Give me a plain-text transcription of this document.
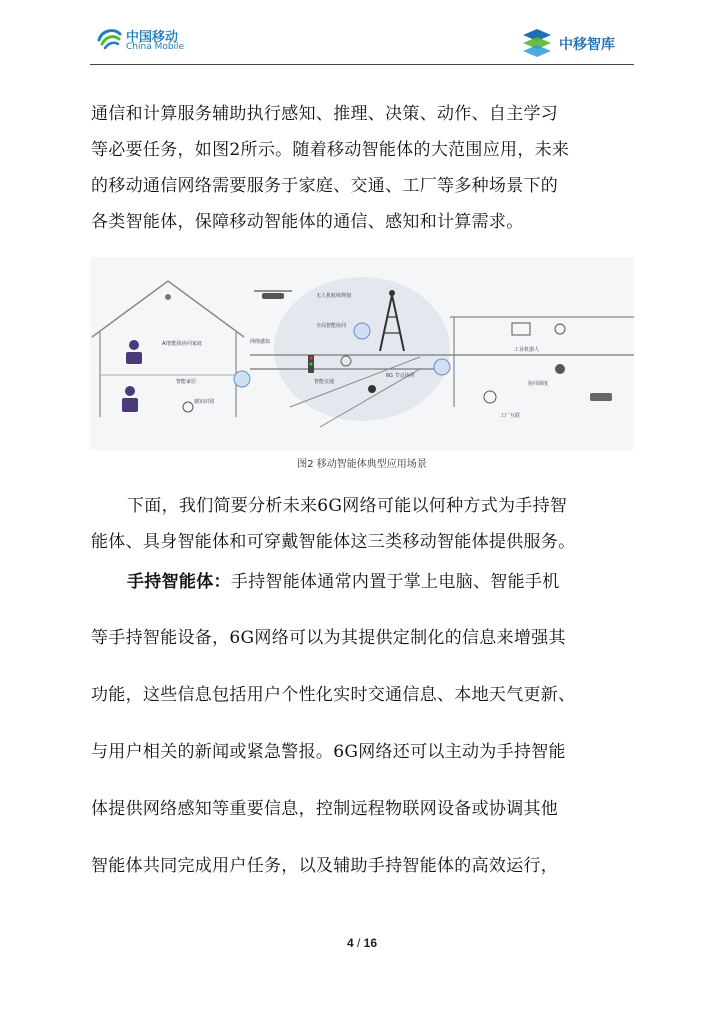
中国移动
China Mobile	中移智库
通信和计算服务辅助执行感知、推理、决策、动作、自主学习
等必要任务，如图2所示。随着移动智能体的大范围应用，未来
的移动通信网络需要服务于家庭、交通、工厂等多种场景下的
各类智能体，保障移动智能体的通信、感知和计算需求。
AI智能体协同家庭
智能家居
感知识别
无人机航线规划
网络感知
全局智能协同
智能交通
6G 节点协同
工业机器人
协同调度
工厂互联
图2 移动智能体典型应用场景
下面，我们简要分析未来6G网络可能以何种方式为手持智
能体、具身智能体和可穿戴智能体这三类移动智能体提供服务。
手持智能体：手持智能体通常内置于掌上电脑、智能手机
等手持智能设备，6G网络可以为其提供定制化的信息来增强其
功能，这些信息包括用户个性化实时交通信息、本地天气更新、
与用户相关的新闻或紧急警报。6G网络还可以主动为手持智能
体提供网络感知等重要信息，控制远程物联网设备或协调其他
智能体共同完成用户任务，以及辅助手持智能体的高效运行，
4 / 16
